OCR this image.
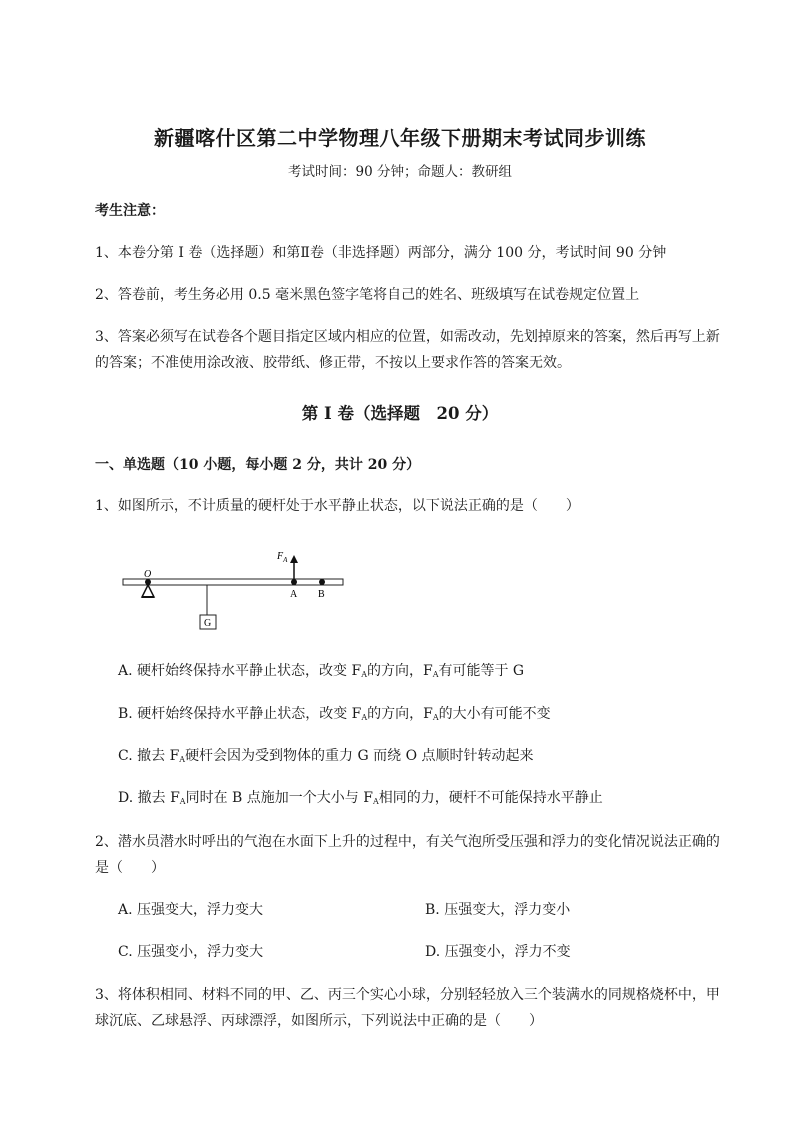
新疆喀什区第二中学物理八年级下册期末考试同步训练
考试时间：90 分钟；命题人：教研组
考生注意：
1、本卷分第 I 卷（选择题）和第Ⅱ卷（非选择题）两部分，满分 100 分，考试时间 90 分钟
2、答卷前，考生务必用 0.5 毫米黑色签字笔将自己的姓名、班级填写在试卷规定位置上
3、答案必须写在试卷各个题目指定区域内相应的位置，如需改动，先划掉原来的答案，然后再写上新的答案；不准使用涂改液、胶带纸、修正带，不按以上要求作答的答案无效。
第 I 卷（选择题　20 分）
一、单选题（10 小题，每小题 2 分，共计 20 分）
1、如图所示，不计质量的硬杆处于水平静止状态，以下说法正确的是（　　）
O
G
$F_A$
A B
A. 硬杆始终保持水平静止状态，改变 $F_A$的方向，$F_A$有可能等于 G
B. 硬杆始终保持水平静止状态，改变 $F_A$的方向，$F_A$的大小有可能不变
C. 撤去 $F_A$硬杆会因为受到物体的重力 G 而绕 O 点顺时针转动起来
D. 撤去 $F_A$同时在 B 点施加一个大小与 $F_A$相同的力，硬杆不可能保持水平静止
2、潜水员潜水时呼出的气泡在水面下上升的过程中，有关气泡所受压强和浮力的变化情况说法正确的是（　　）
A. 压强变大，浮力变大	B. 压强变大，浮力变小
C. 压强变小，浮力变大	D. 压强变小，浮力不变
3、将体积相同、材料不同的甲、乙、丙三个实心小球，分别轻轻放入三个装满水的同规格烧杯中，甲球沉底、乙球悬浮、丙球漂浮，如图所示，下列说法中正确的是（　　）
